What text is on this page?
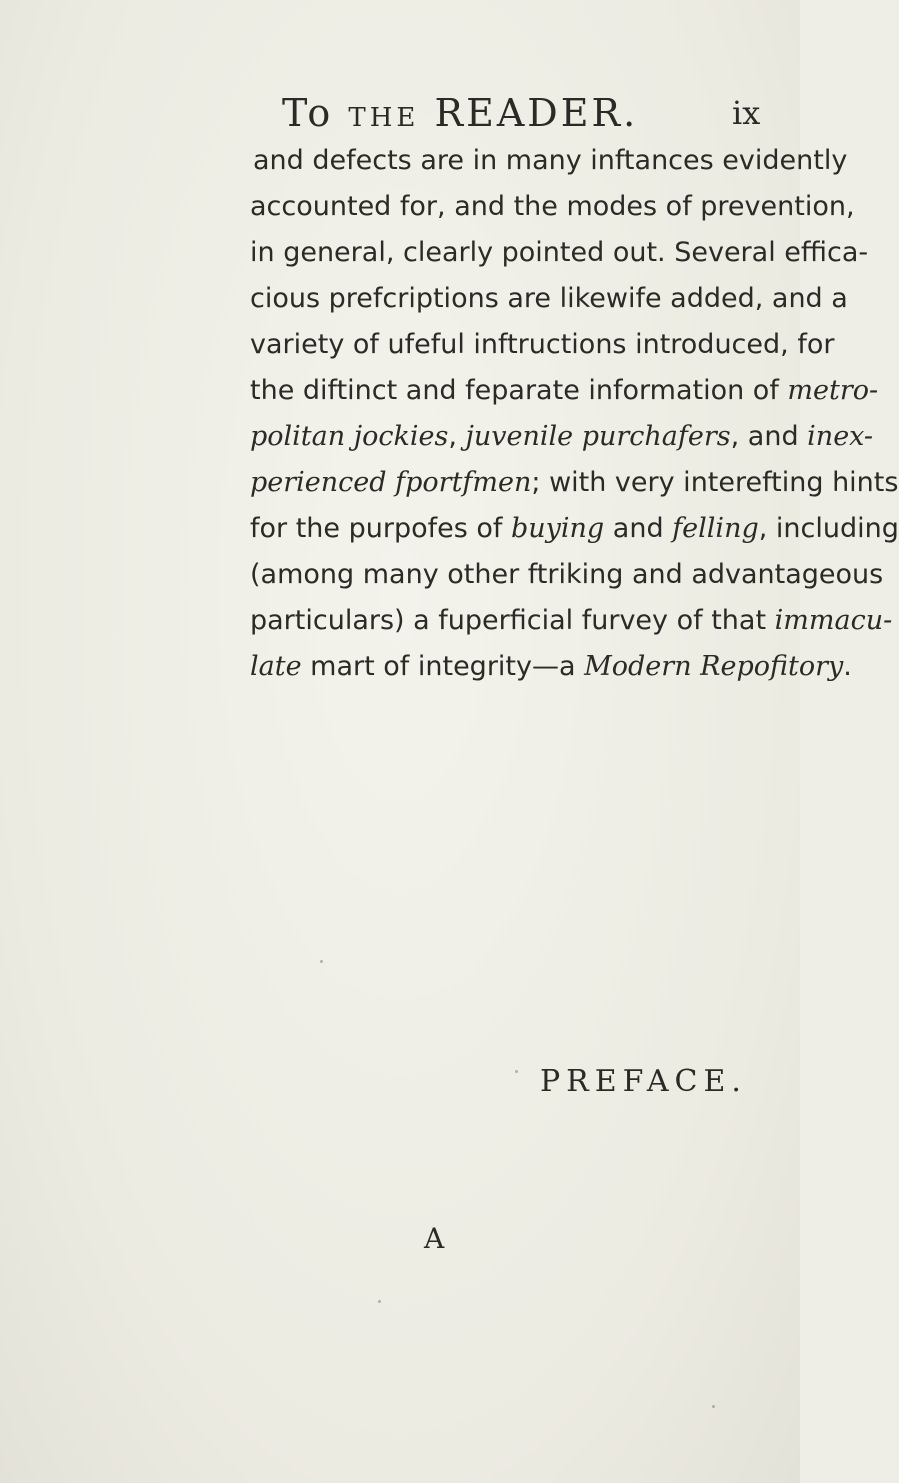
To THE READER.	ix
and defects are in many inftances evidently
accounted for, and the modes of prevention,
in general, clearly pointed out. Several effica-
cious prefcriptions are likewife added, and a
variety of ufeful inftructions introduced, for
the diftinct and feparate information of metro-
politan jockies, juvenile purchafers, and inex-
perienced fportfmen; with very interefting hints
for the purpofes of buying and felling, including
(among many other ftriking and advantageous
particulars) a fuperficial furvey of that immacu-
late mart of integrity—a Modern Repofitory.
PREFACE.
A
